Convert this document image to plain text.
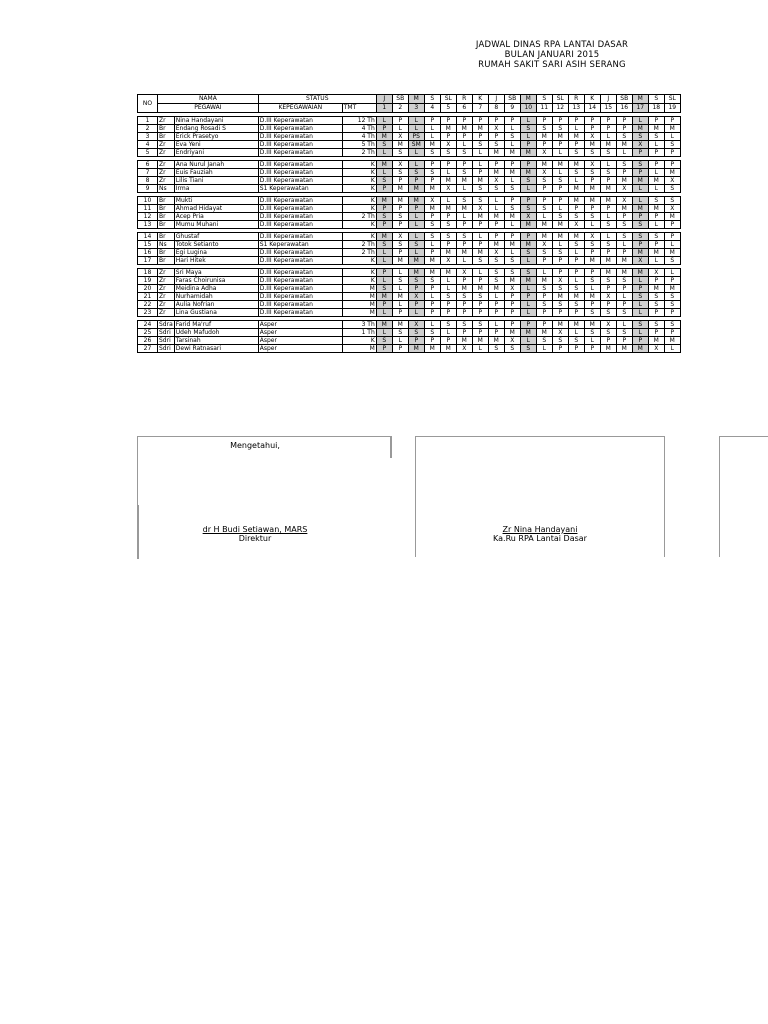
JADWAL DINAS RPA LANTAI DASAR
BULAN JANUARI 2015
RUMAH SAKIT SARI ASIH SERANG
NO	NAMA		STATUS		J	SB	M	S	SL	R	K	J	SB	M	S	SL	R	K	J	SB	M	S	SL
	PEGAWAI		KEPEGAWAIAN	TMT	1	2	3	4	5	6	7	8	9	10	11	12	13	14	15	16	17	18	19

1	Zr	Nina Handayani	D.III Keperawatan	12 Th	L	P	L	P	P	P	P	P	P	L	P	P	P	P	P	P	L	P	P
2	Br	Endang Rosadi S	D.III Keperawatan	4 Th	P	L	L	L	M	M	M	X	L	S	S	S	L	P	P	P	M	M	M
3	Br	Erick Prasetyo	D.III Keperawatan	4 Th	M	X	PS	L	P	P	P	P	S	L	M	M	M	X	L	S	S	S	L
4	Zr	Eva Yeni	D.III Keperawatan	5 Th	S	M	SM	M	X	L	S	S	L	P	P	P	P	M	M	M	X	L	S
5	Zr	Endriyani	D.III Keperawatan	2 Th	L	S	L	S	S	S	L	M	M	M	X	L	S	S	S	L	P	P	P

6	Zr	Ana Nurul Janah	D.III Keperawatan	K	M	X	L	P	P	P	L	P	P	P	M	M	M	X	L	S	S	P	P
7	Zr	Euis Fauziah	D.III Keperawatan	K	L	S	S	S	L	S	P	M	M	M	X	L	S	S	S	P	P	L	M
8	Zr	Lilis Tiani	D.III Keperawatan	K	S	P	P	P	M	M	M	X	L	S	S	S	L	P	P	M	M	M	X
9	Ns	Irma	S1 Keperawatan	K	P	M	M	M	X	L	S	S	S	L	P	P	M	M	M	X	L	L	S

10	Br	Mukti	D.III Keperawatan	K	M	M	M	X	L	S	S	L	P	P	P	P	M	M	M	X	L	S	S
11	Br	Ahmad Hidayat	D.III Keperawatan	K	P	P	P	M	M	M	X	L	S	S	S	L	P	P	P	M	M	M	X
12	Br	Acep Pria	D.III Keperawatan	2 Th	S	S	L	P	P	L	M	M	M	X	L	S	S	S	L	P	P	P	M
13	Br	Mumu Muhani	D.III Keperawatan	K	P	P	L	S	S	P	P	P	L	M	M	M	X	L	S	S	S	L	P

14	Br	Ghustaf	D.III Keperawatan	K	M	X	L	S	S	S	L	P	P	P	M	M	M	X	L	S	S	S	P
15	Ns	Totok Setianto	S1 Keperawatan	2 Th	S	S	S	L	P	P	P	M	M	M	X	L	S	S	S	L	P	P	L
16	Br	Egi Lugina	D.III Keperawatan	2 Th	L	P	L	P	M	M	M	X	L	S	S	S	L	P	P	P	M	M	M
17	Br	Hari Hitek	D.III Keperawatan	K	L	M	M	M	X	L	S	S	S	L	P	P	P	M	M	M	X	L	S

18	Zr	Sri Maya	D.III Keperawatan	K	P	L	M	M	M	X	L	S	S	S	L	P	P	P	M	M	M	X	L
19	Zr	Faras Choirunisa	D.III Keperawatan	K	L	S	S	S	L	P	P	S	M	M	M	X	L	S	S	S	L	P	P
20	Zr	Meidina Adha	D.III Keperawatan	M	S	L	P	P	L	M	M	M	X	L	S	S	S	L	P	P	P	M	M
21	Zr	Nurhamidah	D.III Keperawatan	M	M	M	X	L	S	S	S	L	P	P	P	M	M	M	X	L	S	S	S
22	Zr	Aulia Nofrian	D.III Keperawatan	M	P	L	P	P	P	P	P	P	P	L	S	S	S	P	P	P	L	S	S
23	Zr	Lina Gustiana	D.III Keperawatan	M	L	P	L	P	P	P	P	P	P	L	P	P	P	S	S	S	L	P	P

24	Sdra	Farid Ma'ruf	Asper	3 Th	M	M	X	L	S	S	S	L	P	P	P	M	M	M	X	L	S	S	S
25	Sdri	Udeh Mafudoh	Asper	1 Th	L	S	S	S	L	P	P	P	M	M	M	X	L	S	S	S	L	P	P
26	Sdri	Tarsinah	Asper	K	S	L	P	P	P	M	M	M	X	L	S	S	S	L	P	P	P	M	M
27	Sdri	Dewi Ratnasari	Asper	M	P	P	M	M	M	X	L	S	S	S	L	P	P	P	M	M	M	X	L
Mengetahui,
dr H Budi Setiawan, MARS
Direktur
Zr Nina Handayani
Ka.Ru RPA Lantai Dasar
